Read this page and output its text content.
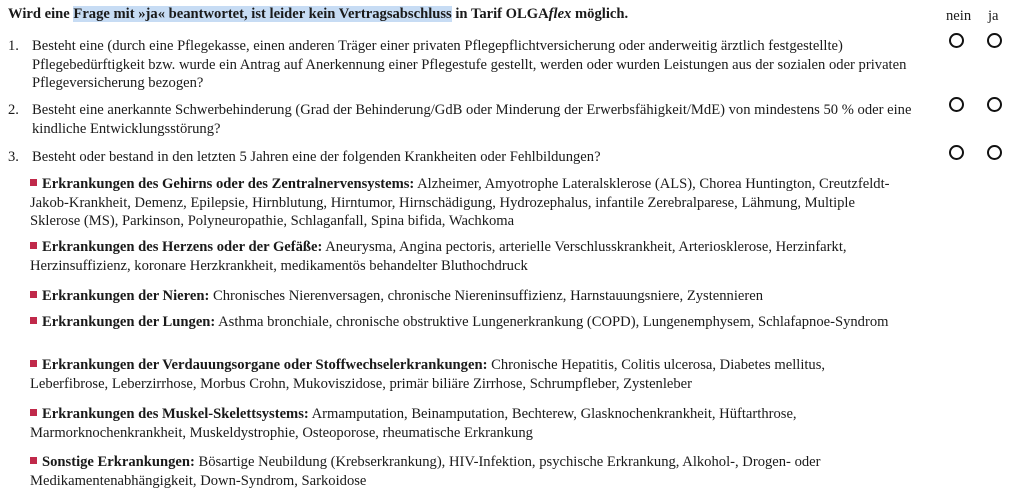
Wird eine Frage mit »ja« beantwortet, ist leider kein Vertragsabschluss in Tarif OLGAflex möglich.	nein ja
1. Besteht eine (durch eine Pflegekasse, einen anderen Träger einer privaten Pflegepflichtversicherung oder anderweitig ärztlich festgestellte) Pflegebedürftigkeit bzw. wurde ein Antrag auf Anerkennung einer Pflegestufe gestellt, werden oder wurden Leistungen aus der sozialen oder privaten Pflegeversicherung bezogen?
2. Besteht eine anerkannte Schwerbehinderung (Grad der Behinderung/GdB oder Minderung der Erwerbsfähigkeit/MdE) von mindestens 50 % oder eine kindliche Entwicklungsstörung?
3. Besteht oder bestand in den letzten 5 Jahren eine der folgenden Krankheiten oder Fehlbildungen?
Erkrankungen des Gehirns oder des Zentralnervensystems: Alzheimer, Amyotrophe Lateralsklerose (ALS), Chorea Huntington, Creutzfeldt-Jakob-Krankheit, Demenz, Epilepsie, Hirnblutung, Hirntumor, Hirnschädigung, Hydrozephalus, infantile Zerebralparese, Lähmung, Multiple Sklerose (MS), Parkinson, Polyneuropathie, Schlaganfall, Spina bifida, Wachkoma
Erkrankungen des Herzens oder der Gefäße: Aneurysma, Angina pectoris, arterielle Verschlusskrankheit, Arteriosklerose, Herzinfarkt, Herzinsuffizienz, koronare Herzkrankheit, medikamentös behandelter Bluthochdruck
Erkrankungen der Nieren: Chronisches Nierenversagen, chronische Niereninsuffizienz, Harnstauungsniere, Zystennieren
Erkrankungen der Lungen: Asthma bronchiale, chronische obstruktive Lungenerkrankung (COPD), Lungenemphysem, Schlafapnoe-Syndrom
Erkrankungen der Verdauungsorgane oder Stoffwechselerkrankungen: Chronische Hepatitis, Colitis ulcerosa, Diabetes mellitus, Leberfibrose, Leberzirrhose, Morbus Crohn, Mukoviszidose, primär biliäre Zirrhose, Schrumpfleber, Zystenleber
Erkrankungen des Muskel-Skelettsystems: Armamputation, Beinamputation, Bechterew, Glasknochenkrankheit, Hüftarthrose, Marmorknochenkrankheit, Muskeldystrophie, Osteoporose, rheumatische Erkrankung
Sonstige Erkrankungen: Bösartige Neubildung (Krebserkrankung), HIV-Infektion, psychische Erkrankung, Alkohol-, Drogen- oder Medikamentenabhängigkeit, Down-Syndrom, Sarkoidose
